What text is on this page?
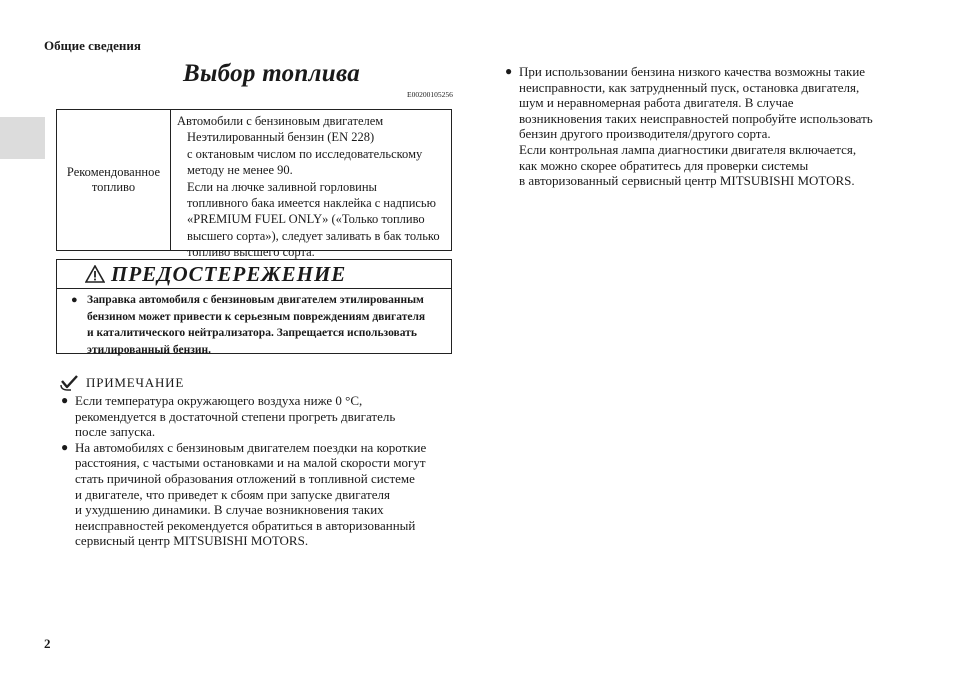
Общие сведения
Выбор топлива
E00200105256
Рекомендованное
топливо
Автомобили с бензиновым двигателем
Неэтилированный бензин (EN 228)
с октановым числом по исследовательскому
методу не менее 90.
Если на лючке заливной горловины
топливного бака имеется наклейка с надписью
«PREMIUM FUEL ONLY» («Только топливо
высшего сорта»), следует заливать в бак только
топливо высшего сорта.
ПРЕДОСТЕРЕЖЕНИЕ
● Заправка автомобиля с бензиновым двигателем этилированным
бензином может привести к серьезным повреждениям двигателя
и каталитического нейтрализатора. Запрещается использовать
этилированный бензин.
ПРИМЕЧАНИЕ
● Если температура окружающего воздуха ниже 0 °C,
рекомендуется в достаточной степени прогреть двигатель
после запуска.
● На автомобилях с бензиновым двигателем поездки на короткие
расстояния, с частыми остановками и на малой скорости могут
стать причиной образования отложений в топливной системе
и двигателе, что приведет к сбоям при запуске двигателя
и ухудшению динамики. В случае возникновения таких
неисправностей рекомендуется обратиться в авторизованный
сервисный центр MITSUBISHI MOTORS.
● При использовании бензина низкого качества возможны такие
неисправности, как затрудненный пуск, остановка двигателя,
шум и неравномерная работа двигателя. В случае
возникновения таких неисправностей попробуйте использовать
бензин другого производителя/другого сорта.
Если контрольная лампа диагностики двигателя включается,
как можно скорее обратитесь для проверки системы
в авторизованный сервисный центр MITSUBISHI MOTORS.
2
